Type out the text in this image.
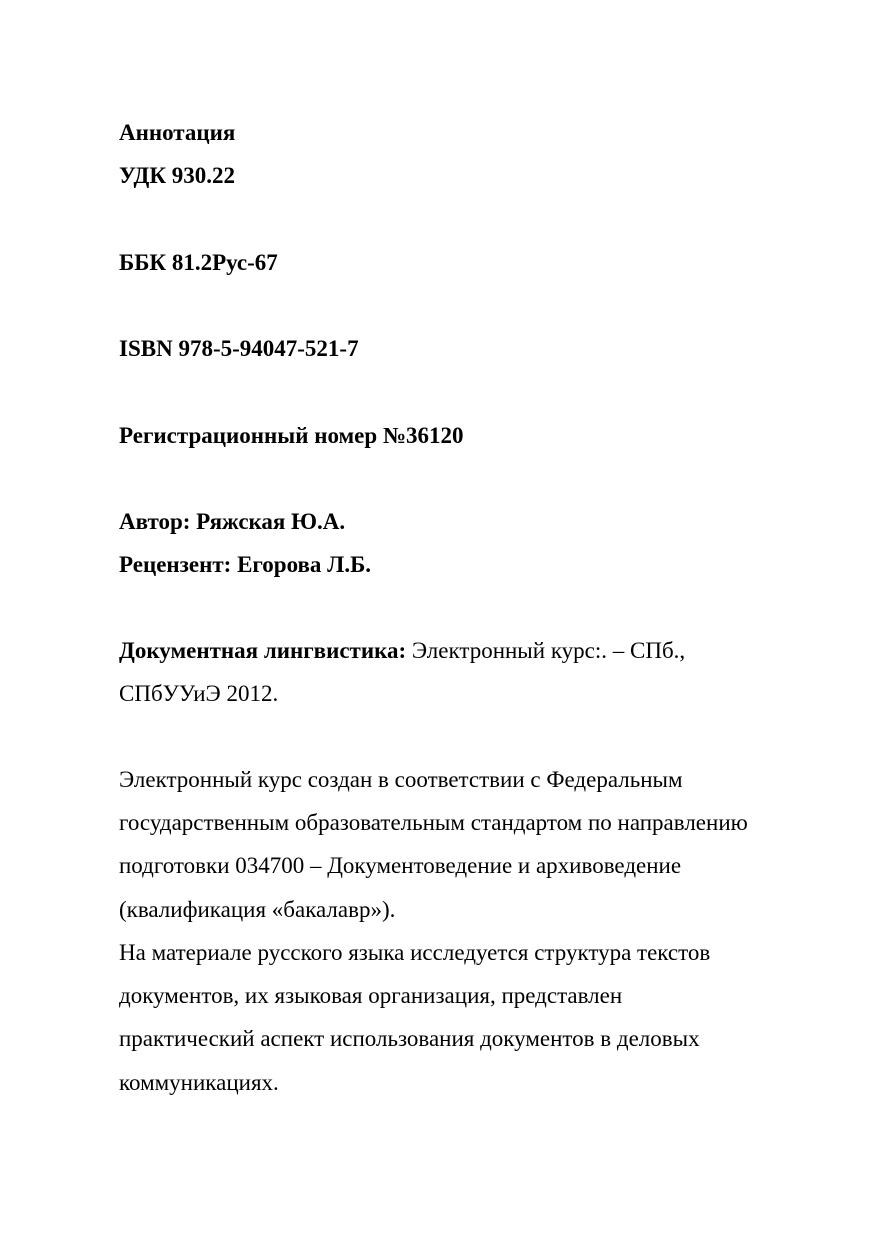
Аннотация
УДК 930.22
ББК 81.2Рус-67
ISBN 978-5-94047-521-7
Регистрационный номер №36120
Автор: Ряжская Ю.А.
Рецензент: Егорова Л.Б.
Документная лингвистика: Электронный курс:. – СПб.,
СПбУУиЭ 2012.
Электронный курс создан в соответствии с Федеральным
государственным образовательным стандартом по направлению
подготовки 034700 – Документоведение и архивоведение
(квалификация «бакалавр»).
На материале русского языка исследуется структура текстов
документов, их языковая организация, представлен
практический аспект использования документов в деловых
коммуникациях.
